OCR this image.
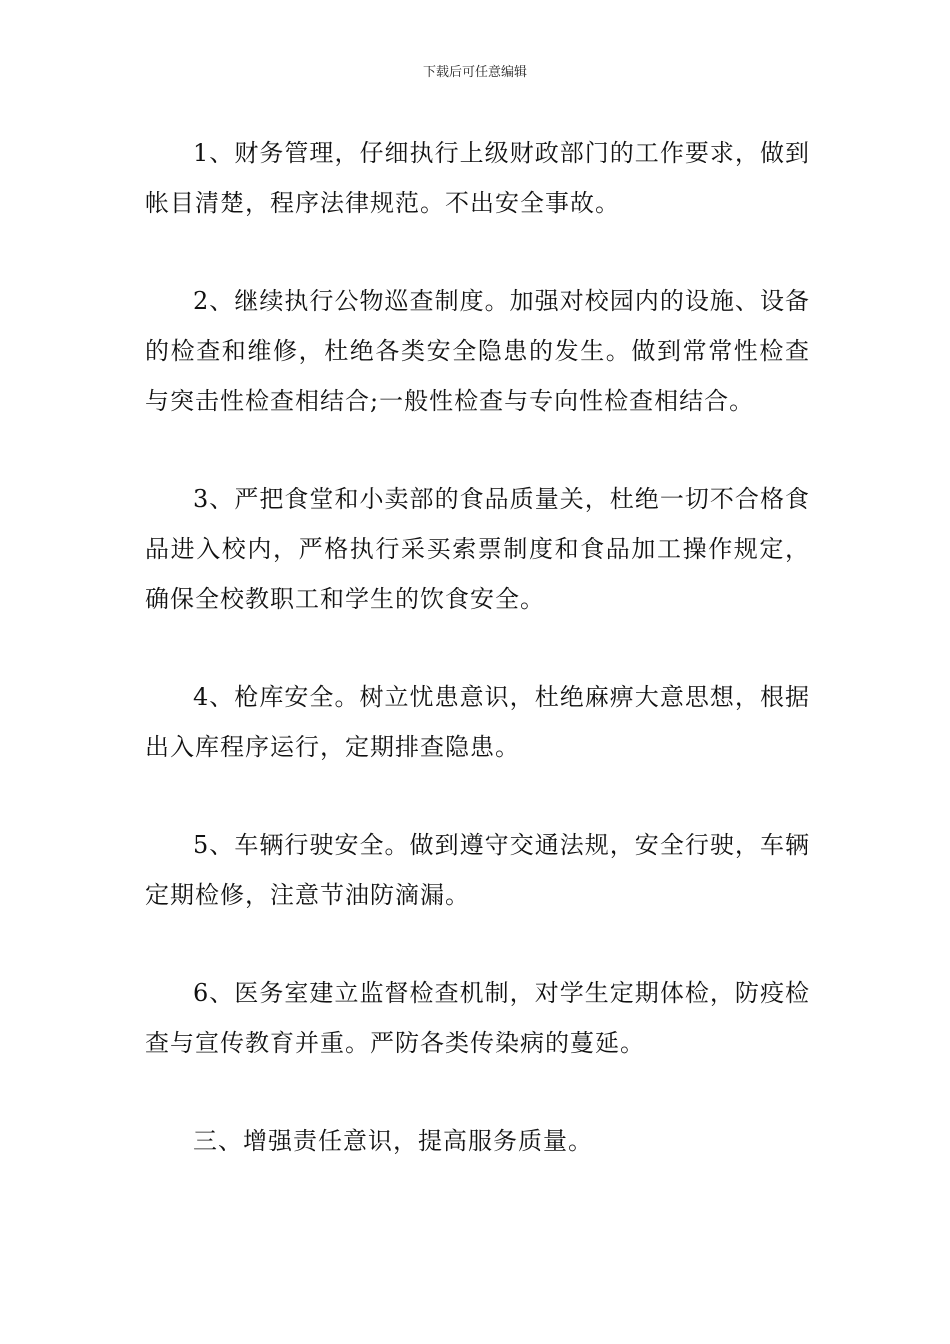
下载后可任意编辑

1、财务管理，仔细执行上级财政部门的工作要求，做到帐目清楚，程序法律规范。不出安全事故。

2、继续执行公物巡查制度。加强对校园内的设施、设备的检查和维修，杜绝各类安全隐患的发生。做到常常性检查与突击性检查相结合;一般性检查与专向性检查相结合。

3、严把食堂和小卖部的食品质量关，杜绝一切不合格食品进入校内，严格执行采买索票制度和食品加工操作规定，确保全校教职工和学生的饮食安全。

4、枪库安全。树立忧患意识，杜绝麻痹大意思想，根据出入库程序运行，定期排查隐患。

5、车辆行驶安全。做到遵守交通法规，安全行驶，车辆定期检修，注意节油防滴漏。

6、医务室建立监督检查机制，对学生定期体检，防疫检查与宣传教育并重。严防各类传染病的蔓延。

三、增强责任意识，提高服务质量。
